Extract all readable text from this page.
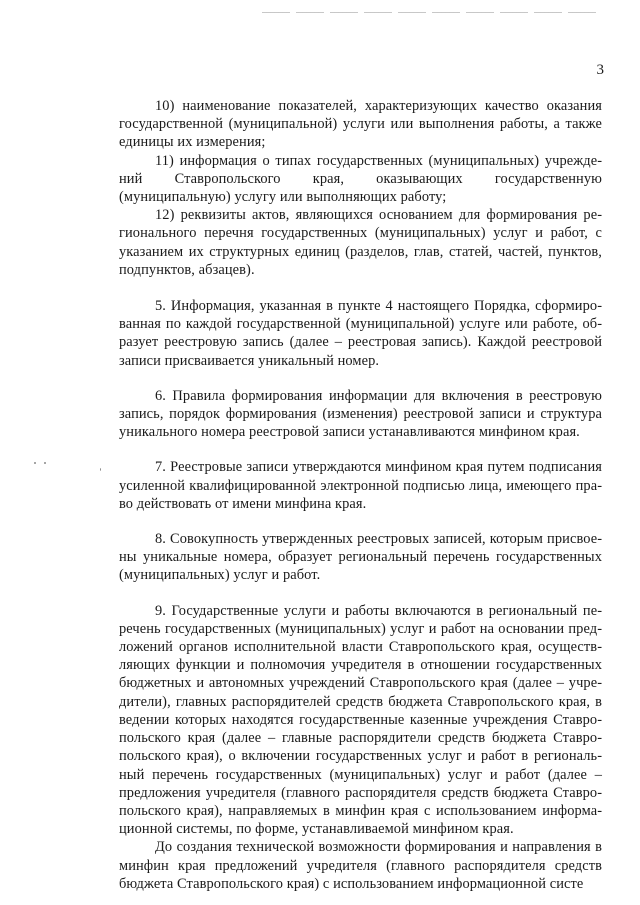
3

10) наименование показателей, характеризующих качество оказания государственной (муниципальной) услуги или выполнения работы, а также единицы их измерения;

11) информация о типах государственных (муниципальных) учреждений Ставропольского края, оказывающих государственную (муниципальную) услугу или выполняющих работу;

12) реквизиты актов, являющихся основанием для формирования регионального перечня государственных (муниципальных) услуг и работ, с указанием их структурных единиц (разделов, глав, статей, частей, пунктов, подпунктов, абзацев).

5. Информация, указанная в пункте 4 настоящего Порядка, сформированная по каждой государственной (муниципальной) услуге или работе, образует реестровую запись (далее – реестровая запись). Каждой реестровой записи присваивается уникальный номер.

6. Правила формирования информации для включения в реестровую запись, порядок формирования (изменения) реестровой записи и структура уникального номера реестровой записи устанавливаются минфином края.

7. Реестровые записи утверждаются минфином края путем подписания усиленной квалифицированной электронной подписью лица, имеющего право действовать от имени минфина края.

8. Совокупность утвержденных реестровых записей, которым присвоены уникальные номера, образует региональный перечень государственных (муниципальных) услуг и работ.

9. Государственные услуги и работы включаются в региональный перечень государственных (муниципальных) услуг и работ на основании предложений органов исполнительной власти Ставропольского края, осуществляющих функции и полномочия учредителя в отношении государственных бюджетных и автономных учреждений Ставропольского края (далее – учредители), главных распорядителей средств бюджета Ставропольского края, в ведении которых находятся государственные казенные учреждения Ставропольского края (далее – главные распорядители средств бюджета Ставропольского края), о включении государственных услуг и работ в региональный перечень государственных (муниципальных) услуг и работ (далее – предложения учредителя (главного распорядителя средств бюджета Ставропольского края), направляемых в минфин края с использованием информационной системы, по форме, устанавливаемой минфином края.

До создания технической возможности формирования и направления в минфин края предложений учредителя (главного распорядителя средств бюджета Ставропольского края) с использованием информационной систе
